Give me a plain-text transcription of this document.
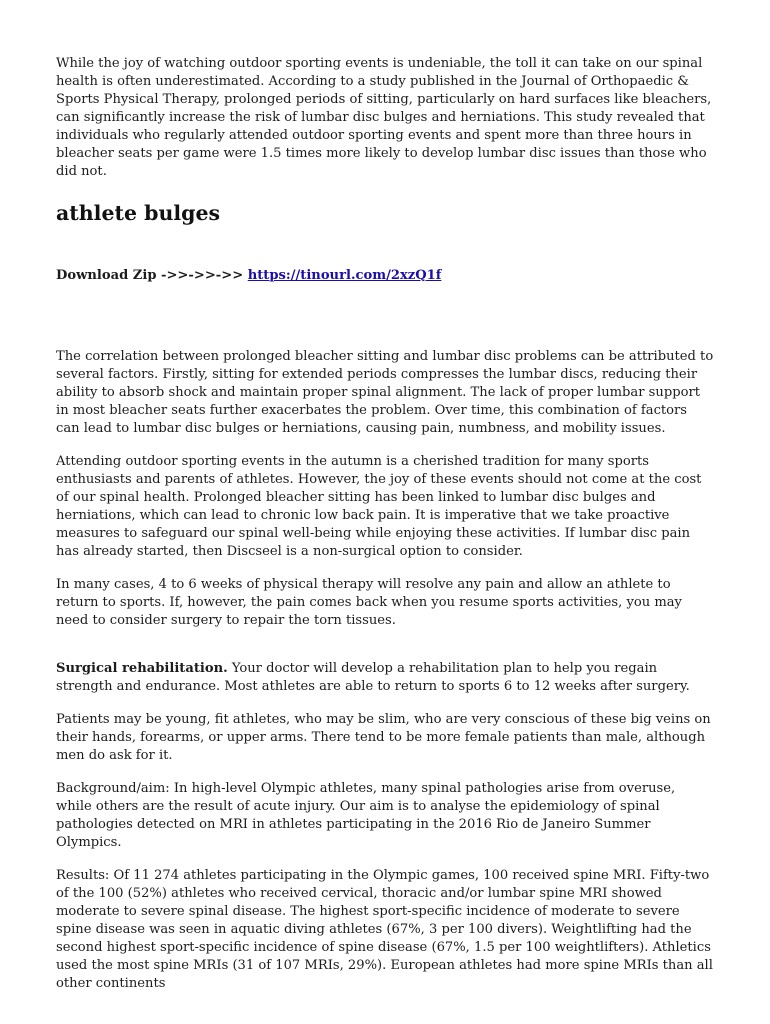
While the joy of watching outdoor sporting events is undeniable, the toll it can take on our spinal health is often underestimated. According to a study published in the Journal of Orthopaedic & Sports Physical Therapy, prolonged periods of sitting, particularly on hard surfaces like bleachers, can significantly increase the risk of lumbar disc bulges and herniations. This study revealed that individuals who regularly attended outdoor sporting events and spent more than three hours in bleacher seats per game were 1.5 times more likely to develop lumbar disc issues than those who did not.

athlete bulges

Download Zip ->>->>->> https://tinourl.com/2xzQ1f

The correlation between prolonged bleacher sitting and lumbar disc problems can be attributed to several factors. Firstly, sitting for extended periods compresses the lumbar discs, reducing their ability to absorb shock and maintain proper spinal alignment. The lack of proper lumbar support in most bleacher seats further exacerbates the problem. Over time, this combination of factors can lead to lumbar disc bulges or herniations, causing pain, numbness, and mobility issues.

Attending outdoor sporting events in the autumn is a cherished tradition for many sports enthusiasts and parents of athletes. However, the joy of these events should not come at the cost of our spinal health. Prolonged bleacher sitting has been linked to lumbar disc bulges and herniations, which can lead to chronic low back pain. It is imperative that we take proactive measures to safeguard our spinal well-being while enjoying these activities. If lumbar disc pain has already started, then Discseel is a non-surgical option to consider.

In many cases, 4 to 6 weeks of physical therapy will resolve any pain and allow an athlete to return to sports. If, however, the pain comes back when you resume sports activities, you may need to consider surgery to repair the torn tissues.

Surgical rehabilitation. Your doctor will develop a rehabilitation plan to help you regain strength and endurance. Most athletes are able to return to sports 6 to 12 weeks after surgery.

Patients may be young, fit athletes, who may be slim, who are very conscious of these big veins on their hands, forearms, or upper arms. There tend to be more female patients than male, although men do ask for it.

Background/aim: In high-level Olympic athletes, many spinal pathologies arise from overuse, while others are the result of acute injury. Our aim is to analyse the epidemiology of spinal pathologies detected on MRI in athletes participating in the 2016 Rio de Janeiro Summer Olympics.

Results: Of 11 274 athletes participating in the Olympic games, 100 received spine MRI. Fifty-two of the 100 (52%) athletes who received cervical, thoracic and/or lumbar spine MRI showed moderate to severe spinal disease. The highest sport-specific incidence of moderate to severe spine disease was seen in aquatic diving athletes (67%, 3 per 100 divers). Weightlifting had the second highest sport-specific incidence of spine disease (67%, 1.5 per 100 weightlifters). Athletics used the most spine MRIs (31 of 107 MRIs, 29%). European athletes had more spine MRIs than all other continents
